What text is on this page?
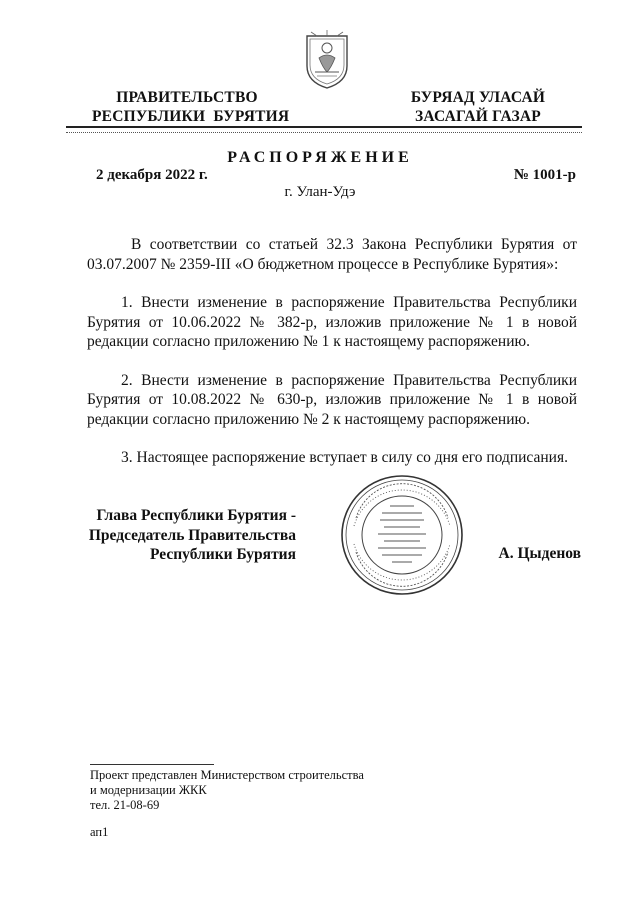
ПРАВИТЕЛЬСТВО
РЕСПУБЛИКИ  БУРЯТИЯ
БУРЯАД УЛАСАЙ
ЗАСАГАЙ ГАЗАР
РАСПОРЯЖЕНИЕ
2 декабря 2022 г.	№ 1001-р
г. Улан-Удэ

В соответствии со статьей 32.3 Закона Республики Бурятия от 03.07.2007 № 2359-III «О бюджетном процессе в Республике Бурятия»:

1. Внести изменение в распоряжение Правительства Республики Бурятия от 10.06.2022 № 382-р, изложив приложение № 1 в новой редакции согласно приложению № 1 к настоящему распоряжению.

2. Внести изменение в распоряжение Правительства Республики Бурятия от 10.08.2022 № 630-р, изложив приложение № 1 в новой редакции согласно приложению № 2 к настоящему распоряжению.

3. Настоящее распоряжение вступает в силу со дня его подписания.

Глава Республики Бурятия -
Председатель Правительства
Республики Бурятия	А. Цыденов
Проект представлен Министерством строительства
и модернизации ЖКК
тел. 21-08-69
ап1
